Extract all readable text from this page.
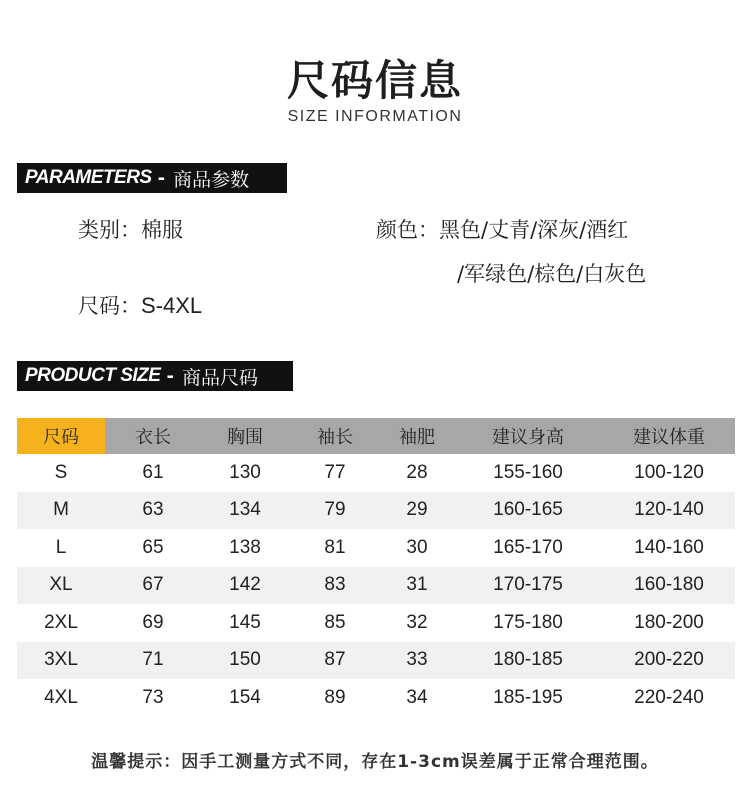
尺码信息
SIZE INFORMATION
PARAMETERS - 商品参数
类别：棉服
尺码：S-4XL
颜色：黑色/丈青/深灰/酒红
/军绿色/棕色/白灰色
PRODUCT SIZE - 商品尺码
尺码	衣长	胸围	袖长	袖肥	建议身高	建议体重
S	61	130	77	28	155-160	100-120
M	63	134	79	29	160-165	120-140
L	65	138	81	30	165-170	140-160
XL	67	142	83	31	170-175	160-180
2XL	69	145	85	32	175-180	180-200
3XL	71	150	87	33	180-185	200-220
4XL	73	154	89	34	185-195	220-240
温馨提示：因手工测量方式不同，存在1-3cm误差属于正常合理范围。
